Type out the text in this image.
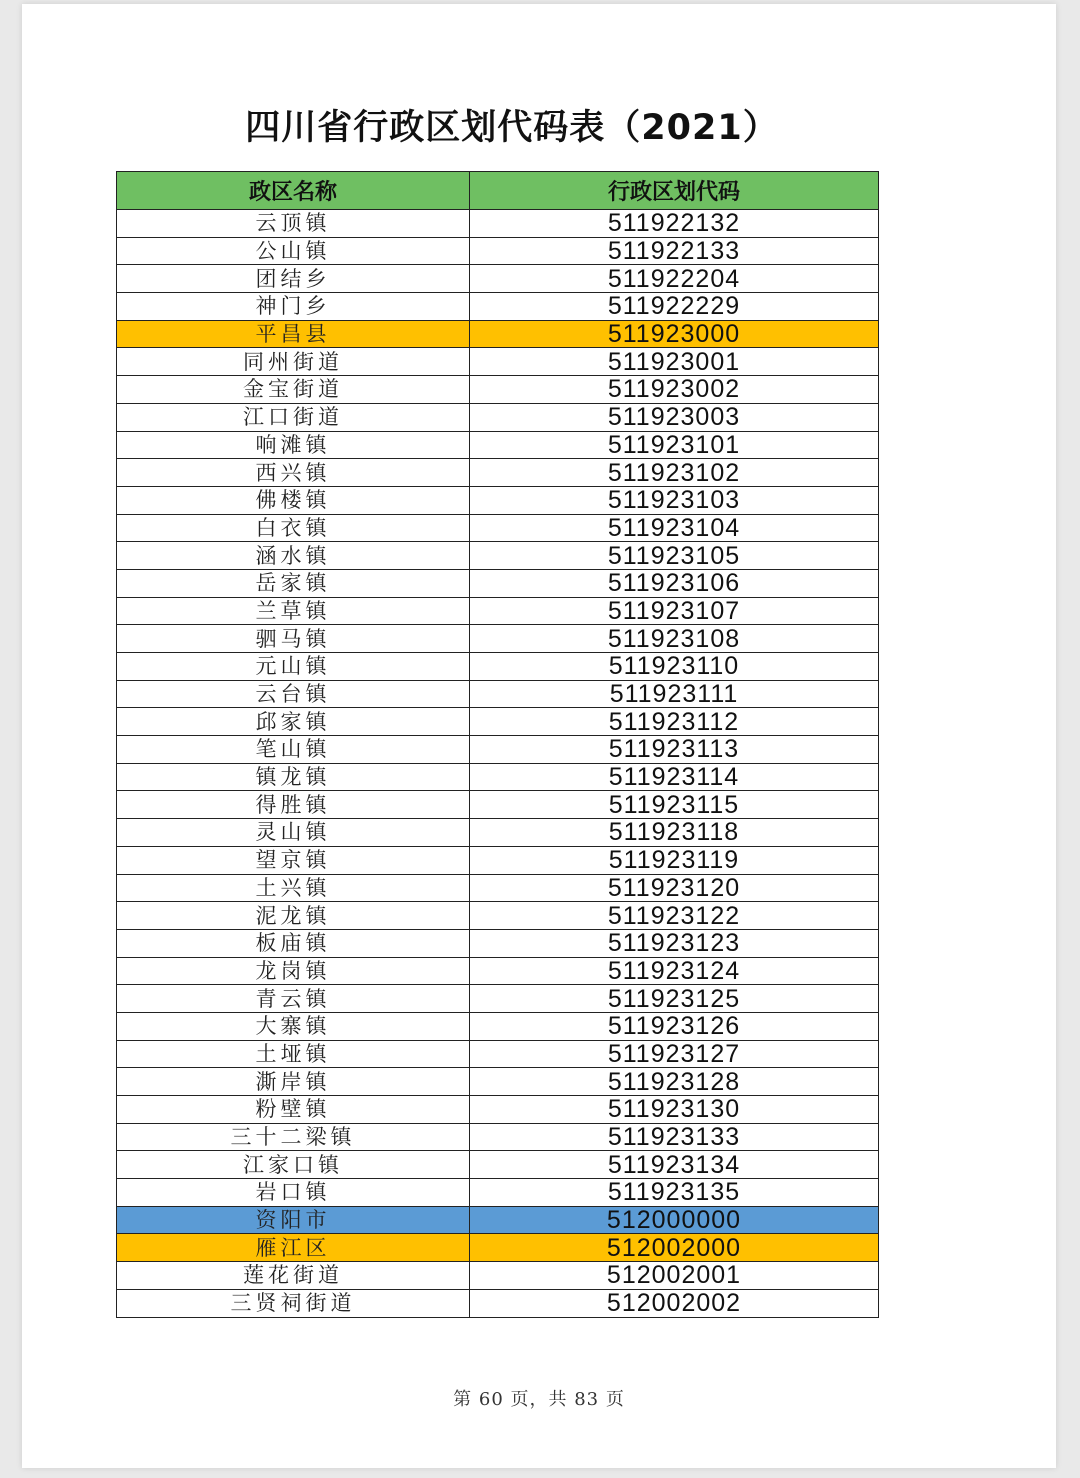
四川省行政区划代码表（2021）
政区名称	行政区划代码
云顶镇	511922132
公山镇	511922133
团结乡	511922204
神门乡	511922229
平昌县	511923000
同州街道	511923001
金宝街道	511923002
江口街道	511923003
响滩镇	511923101
西兴镇	511923102
佛楼镇	511923103
白衣镇	511923104
涵水镇	511923105
岳家镇	511923106
兰草镇	511923107
驷马镇	511923108
元山镇	511923110
云台镇	511923111
邱家镇	511923112
笔山镇	511923113
镇龙镇	511923114
得胜镇	511923115
灵山镇	511923118
望京镇	511923119
土兴镇	511923120
泥龙镇	511923122
板庙镇	511923123
龙岗镇	511923124
青云镇	511923125
大寨镇	511923126
土垭镇	511923127
澌岸镇	511923128
粉壁镇	511923130
三十二梁镇	511923133
江家口镇	511923134
岩口镇	511923135
资阳市	512000000
雁江区	512002000
莲花街道	512002001
三贤祠街道	512002002
第 60 页，共 83 页
